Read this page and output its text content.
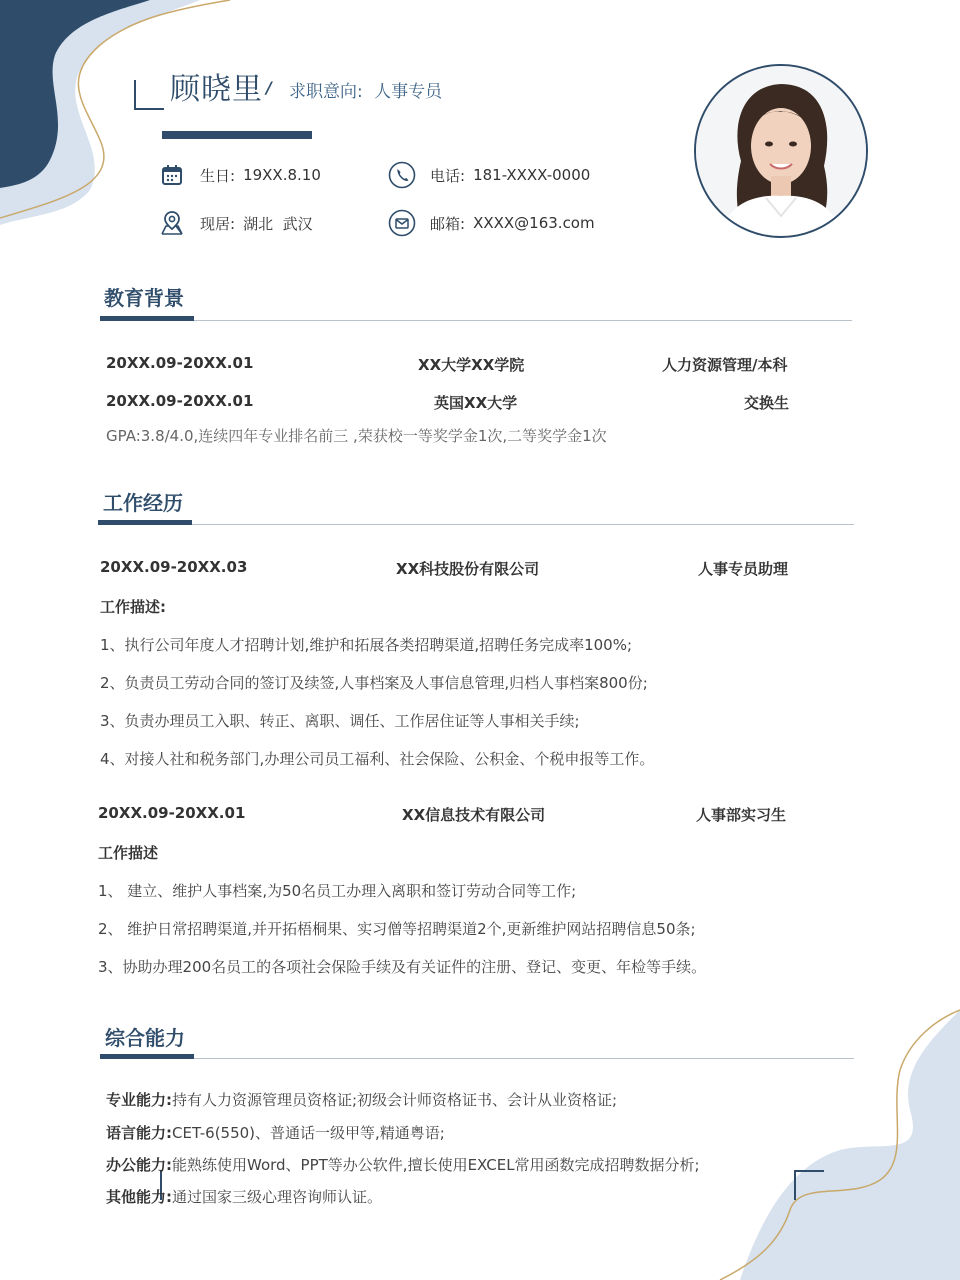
顾晓里 / 求职意向: 人事专员
生日: 19XX.8.10	电话: 181-XXXX-0000
现居: 湖北  武汉	邮箱: XXXX@163.com
教育背景
20XX.09-20XX.01	XX大学XX学院	人力资源管理/本科
20XX.09-20XX.01	英国XX大学	交换生
GPA:3.8/4.0,连续四年专业排名前三 ,荣获校一等奖学金1次,二等奖学金1次
工作经历
20XX.09-20XX.03	XX科技股份有限公司	人事专员助理
工作描述:
1、执行公司年度人才招聘计划,维护和拓展各类招聘渠道,招聘任务完成率100%;
2、负责员工劳动合同的签订及续签,人事档案及人事信息管理,归档人事档案800份;
3、负责办理员工入职、转正、离职、调任、工作居住证等人事相关手续;
4、对接人社和税务部门,办理公司员工福利、社会保险、公积金、个税申报等工作。
20XX.09-20XX.01	XX信息技术有限公司	人事部实习生
工作描述
1、 建立、维护人事档案,为50名员工办理入离职和签订劳动合同等工作;
2、 维护日常招聘渠道,并开拓梧桐果、实习僧等招聘渠道2个,更新维护网站招聘信息50条;
3、协助办理200名员工的各项社会保险手续及有关证件的注册、登记、变更、年检等手续。
综合能力
专业能力:持有人力资源管理员资格证;初级会计师资格证书、会计从业资格证;
语言能力:CET-6(550)、普通话一级甲等,精通粤语;
办公能力:能熟练使用Word、PPT等办公软件,擅长使用EXCEL常用函数完成招聘数据分析;
其他能力:通过国家三级心理咨询师认证。
